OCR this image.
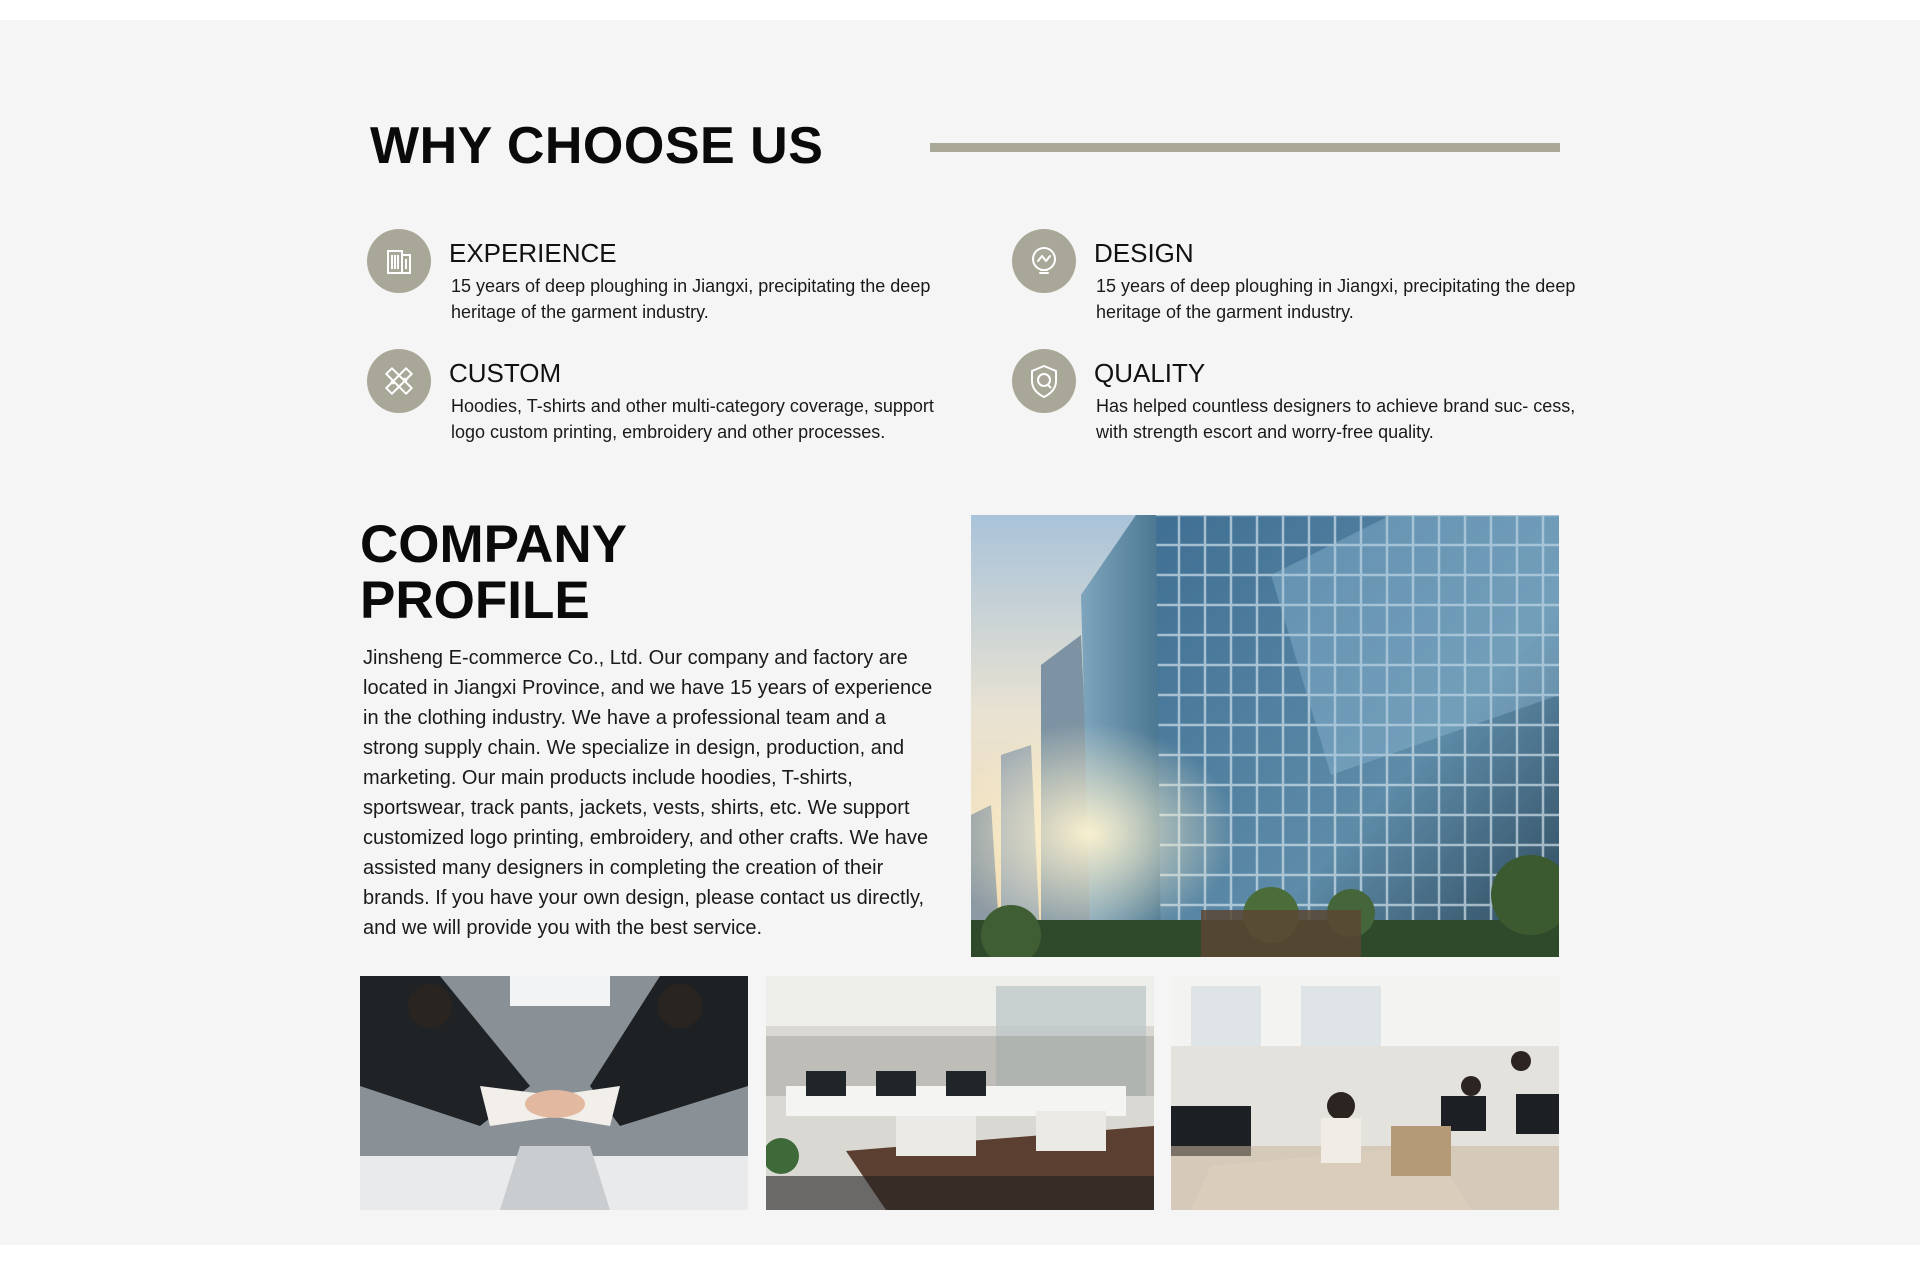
WHY CHOOSE US
EXPERIENCE

15 years of deep ploughing in Jiangxi, precipitating the deep heritage of the garment industry.

DESIGN

15 years of deep ploughing in Jiangxi, precipitating the deep heritage of the garment industry.

CUSTOM

Hoodies, T-shirts and other multi-category coverage, support logo custom printing, embroidery and other processes.

QUALITY

Has helped countless designers to achieve brand suc- cess, with strength escort and worry-free quality.

COMPANY
PROFILE

Jinsheng E-commerce Co., Ltd. Our company and factory are located in Jiangxi Province, and we have 15 years of experience in the clothing industry. We have a professional team and a strong supply chain. We specialize in design, production, and marketing. Our main products include hoodies, T-shirts, sportswear, track pants, jackets, vests, shirts, etc. We support customized logo printing, embroidery, and other crafts. We have assisted many designers in completing the creation of their brands. If you have your own design, please contact us directly, and we will provide you with the best service.
